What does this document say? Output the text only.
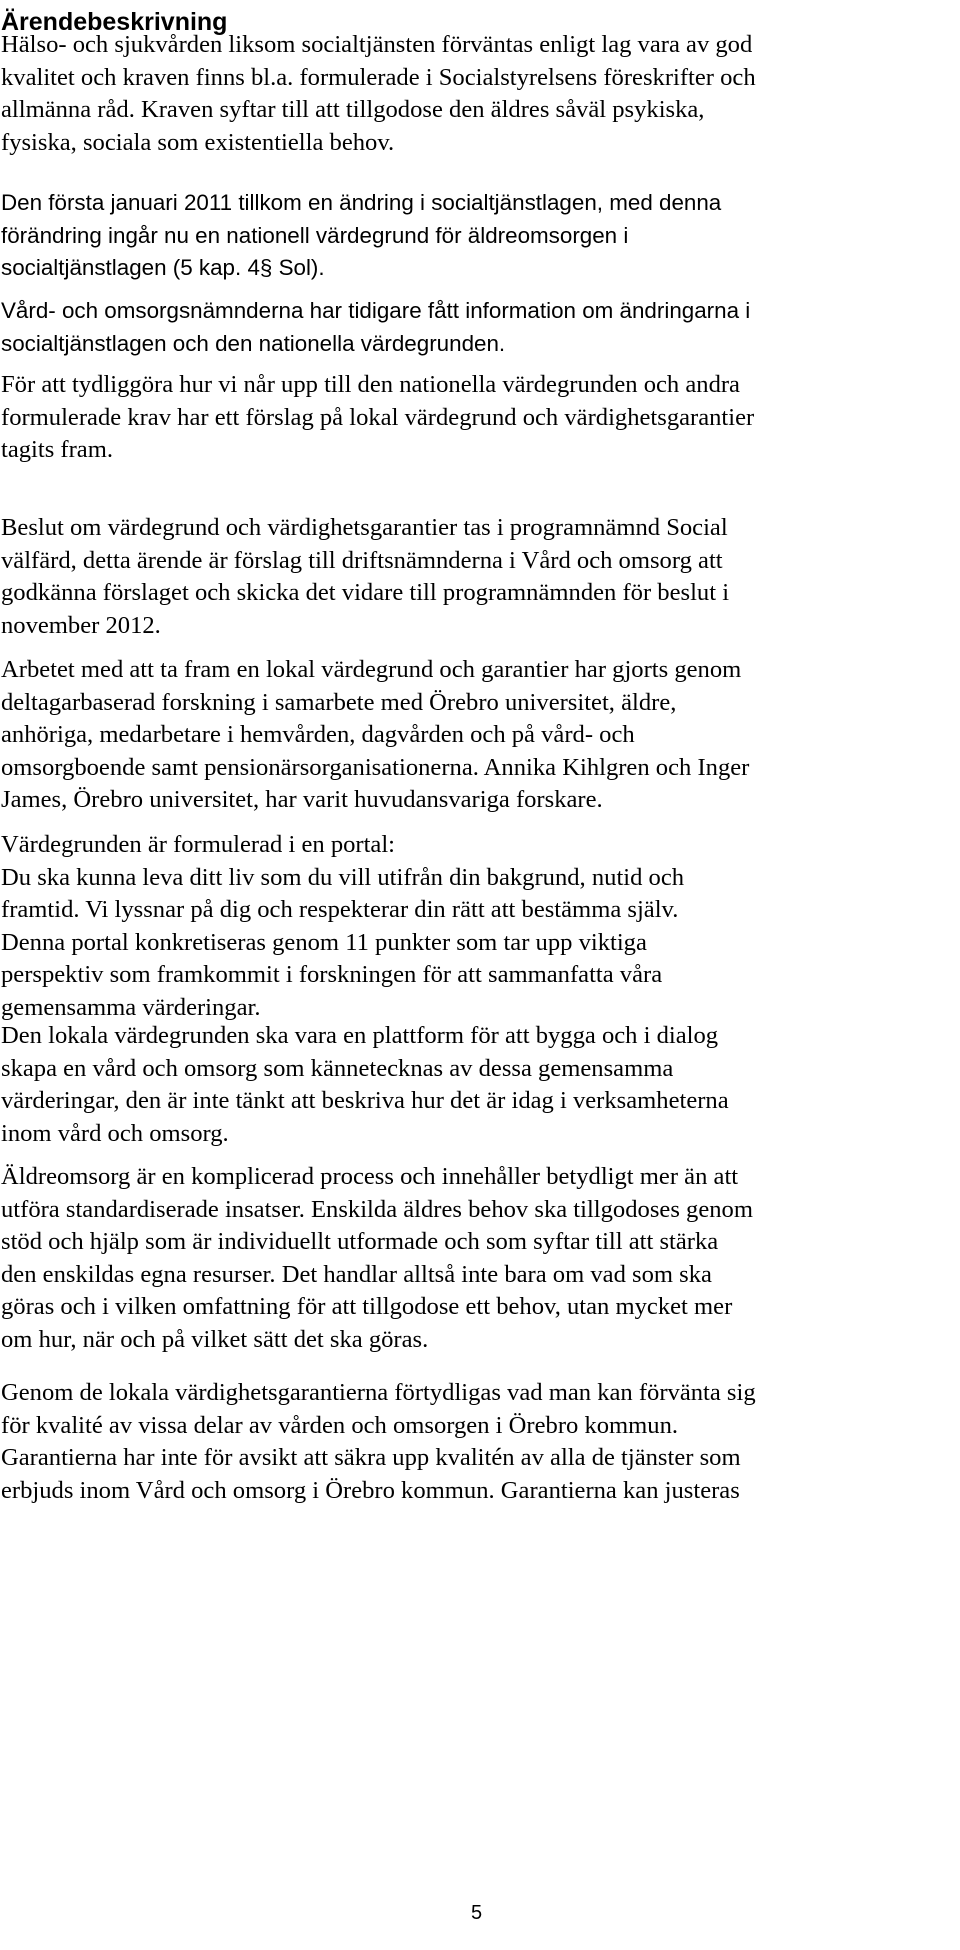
Ärendebeskrivning
Hälso- och sjukvården liksom socialtjänsten förväntas enligt lag vara av god
kvalitet och kraven finns bl.a. formulerade i Socialstyrelsens föreskrifter och
allmänna råd. Kraven syftar till att tillgodose den äldres såväl psykiska,
fysiska, sociala som existentiella behov.
Den första januari 2011 tillkom en ändring i socialtjänstlagen, med denna
förändring ingår nu en nationell värdegrund för äldreomsorgen i
socialtjänstlagen (5 kap. 4§ Sol).
Vård- och omsorgsnämnderna har tidigare fått information om ändringarna i
socialtjänstlagen och den nationella värdegrunden.
För att tydliggöra hur vi når upp till den nationella värdegrunden och andra
formulerade krav har ett förslag på lokal värdegrund och värdighetsgarantier
tagits fram.
Beslut om värdegrund och värdighetsgarantier tas i programnämnd Social
välfärd, detta ärende är förslag till driftsnämnderna i Vård och omsorg att
godkänna förslaget och skicka det vidare till programnämnden för beslut i
november 2012.
Arbetet med att ta fram en lokal värdegrund och garantier har gjorts genom
deltagarbaserad forskning i samarbete med Örebro universitet, äldre,
anhöriga, medarbetare i hemvården, dagvården och på vård- och
omsorgboende samt pensionärsorganisationerna. Annika Kihlgren och Inger
James, Örebro universitet, har varit huvudansvariga forskare.
Värdegrunden är formulerad i en portal:
Du ska kunna leva ditt liv som du vill utifrån din bakgrund, nutid och
framtid. Vi lyssnar på dig och respekterar din rätt att bestämma själv.
Denna portal konkretiseras genom 11 punkter som tar upp viktiga
perspektiv som framkommit i forskningen för att sammanfatta våra
gemensamma värderingar.
Den lokala värdegrunden ska vara en plattform för att bygga och i dialog
skapa en vård och omsorg som kännetecknas av dessa gemensamma
värderingar, den är inte tänkt att beskriva hur det är idag i verksamheterna
inom vård och omsorg.
Äldreomsorg är en komplicerad process och innehåller betydligt mer än att
utföra standardiserade insatser. Enskilda äldres behov ska tillgodoses genom
stöd och hjälp som är individuellt utformade och som syftar till att stärka
den enskildas egna resurser. Det handlar alltså inte bara om vad som ska
göras och i vilken omfattning för att tillgodose ett behov, utan mycket mer
om hur, när och på vilket sätt det ska göras.
Genom de lokala värdighetsgarantierna förtydligas vad man kan förvänta sig
för kvalité av vissa delar av vården och omsorgen i Örebro kommun.
Garantierna har inte för avsikt att säkra upp kvalitén av alla de tjänster som
erbjuds inom Vård och omsorg i Örebro kommun. Garantierna kan justeras
5
